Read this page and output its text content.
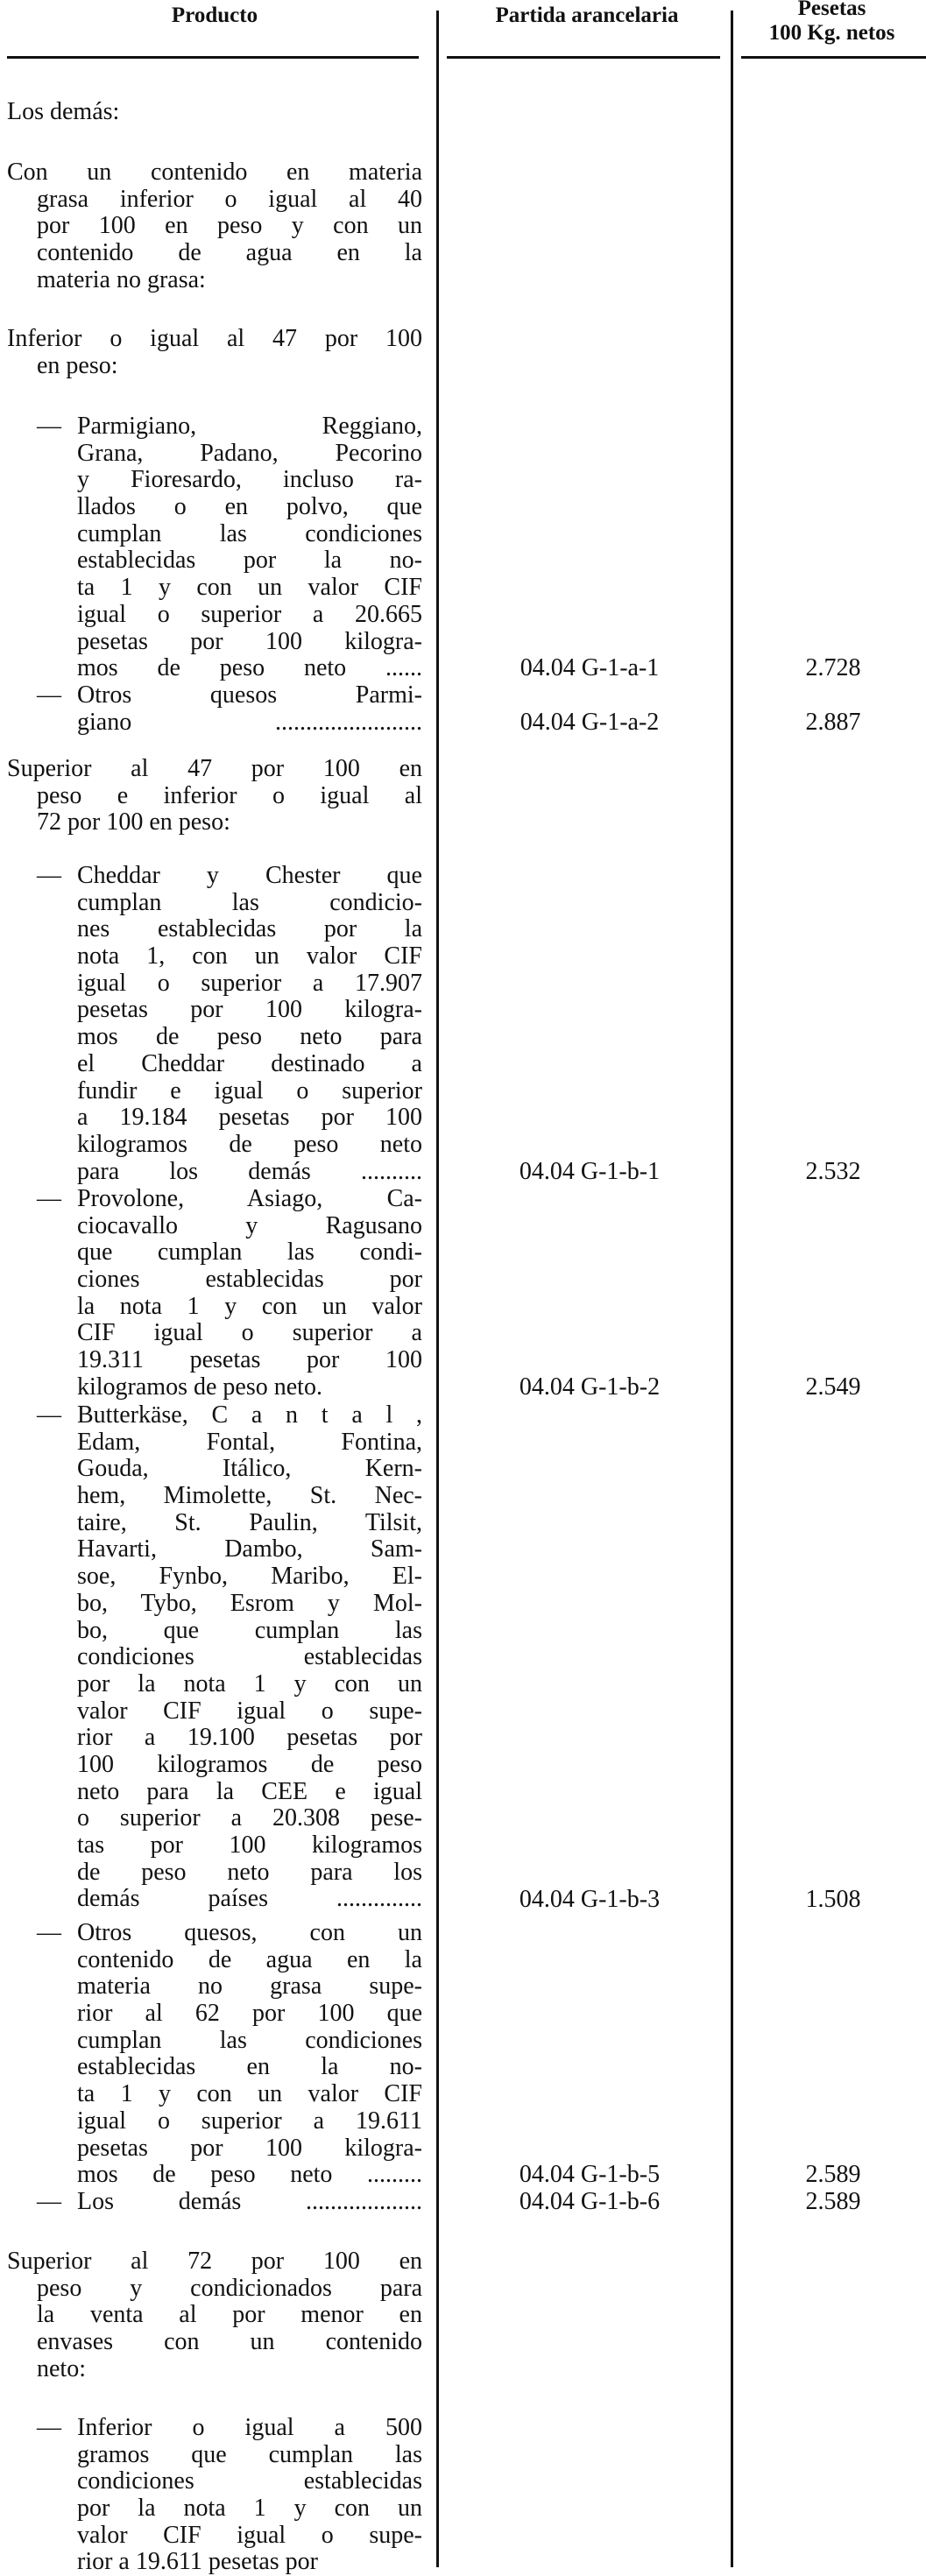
Producto	Partida arancelaria	Pesetas
100 Kg. netos
Los demás:
Con un contenido en materia
grasa inferior o igual al 40
por 100 en peso y con un
contenido de agua en la
materia no grasa:
Inferior o igual al 47 por 100
en peso:
— Parmigiano, Reggiano,
Grana, Padano, Pecorino
y Fioresardo, incluso ra-
llados o en polvo, que
cumplan las condiciones
establecidas por la no-
ta 1 y con un valor CIF
igual o superior a 20.665
pesetas por 100 kilogra-
mos de peso neto ......	04.04 G-1-a-1	2.728
— Otros quesos Parmi-
giano ........................	04.04 G-1-a-2	2.887
Superior al 47 por 100 en
peso e inferior o igual al
72 por 100 en peso:
— Cheddar y Chester que
cumplan las condicio-
nes establecidas por la
nota 1, con un valor CIF
igual o superior a 17.907
pesetas por 100 kilogra-
mos de peso neto para
el Cheddar destinado a
fundir e igual o superior
a 19.184 pesetas por 100
kilogramos de peso neto
para los demás ..........	04.04 G-1-b-1	2.532
— Provolone, Asiago, Ca-
ciocavallo y Ragusano
que cumplan las condi-
ciones establecidas por
la nota 1 y con un valor
CIF igual o superior a
19.311 pesetas por 100
kilogramos de peso neto.	04.04 G-1-b-2	2.549
— Butterkäse, C a n t a l ,
Edam, Fontal, Fontina,
Gouda, Itálico, Kern-
hem, Mimolette, St. Nec-
taire, St. Paulin, Tilsit,
Havarti, Dambo, Sam-
soe, Fynbo, Maribo, El-
bo, Tybo, Esrom y Mol-
bo, que cumplan las
condiciones establecidas
por la nota 1 y con un
valor CIF igual o supe-
rior a 19.100 pesetas por
100 kilogramos de peso
neto para la CEE e igual
o superior a 20.308 pese-
tas por 100 kilogramos
de peso neto para los
demás países ..............	04.04 G-1-b-3	1.508
— Otros quesos, con un
contenido de agua en la
materia no grasa supe-
rior al 62 por 100 que
cumplan las condiciones
establecidas en la no-
ta 1 y con un valor CIF
igual o superior a 19.611
pesetas por 100 kilogra-
mos de peso neto .........	04.04 G-1-b-5	2.589
— Los demás ...................	04.04 G-1-b-6	2.589
Superior al 72 por 100 en
peso y condicionados para
la venta al por menor en
envases con un contenido
neto:
— Inferior o igual a 500
gramos que cumplan las
condiciones establecidas
por la nota 1 y con un
valor CIF igual o supe-
rior a 19.611 pesetas por
